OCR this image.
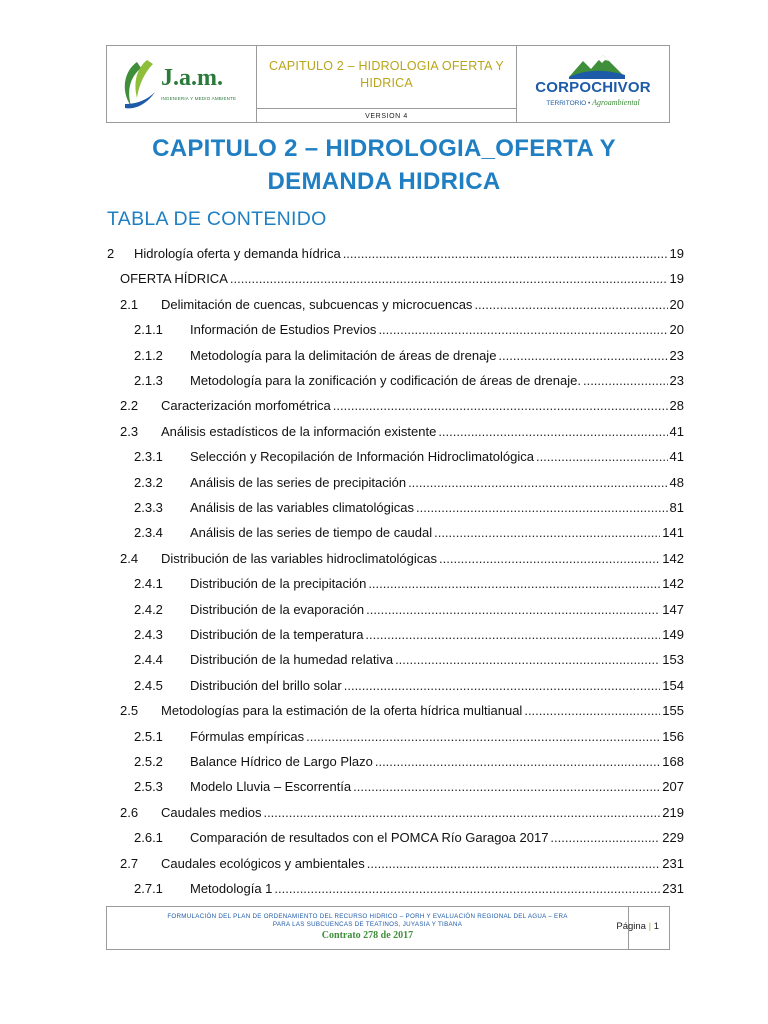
J.a.m.
INGENIERIA Y MEDIO AMBIENTE
CAPITULO 2 – HIDROLOGIA OFERTA Y
HIDRICA
VERSION 4
CORPOCHIVOR
TERRITORIO • Agroambiental
CAPITULO 2 – HIDROLOGIA_OFERTA Y
DEMANDA HIDRICA
TABLA DE CONTENIDO
2	Hidrología oferta y demanda hídrica .....	19
OFERTA HÍDRICA .....	19
2.1	Delimitación de cuencas, subcuencas y microcuencas .....	20
2.1.1	Información de Estudios Previos .....	20
2.1.2	Metodología para la delimitación de áreas de drenaje .....	23
2.1.3	Metodología para la zonificación y codificación de áreas de drenaje. .....	23
2.2	Caracterización morfométrica .....	28
2.3	Análisis estadísticos de la información existente .....	41
2.3.1	Selección y Recopilación de Información Hidroclimatológica .....	41
2.3.2	Análisis de las series de precipitación .....	48
2.3.3	Análisis de las variables climatológicas .....	81
2.3.4	Análisis de las series de tiempo de caudal .....	141
2.4	Distribución de las variables hidroclimatológicas .....	142
2.4.1	Distribución de la precipitación .....	142
2.4.2	Distribución de la evaporación .....	147
2.4.3	Distribución de la temperatura .....	149
2.4.4	Distribución de la humedad relativa .....	153
2.4.5	Distribución del brillo solar .....	154
2.5	Metodologías para la estimación de la oferta hídrica multianual .....	155
2.5.1	Fórmulas empíricas .....	156
2.5.2	Balance Hídrico de Largo Plazo .....	168
2.5.3	Modelo Lluvia – Escorrentía .....	207
2.6	Caudales medios .....	219
2.6.1	Comparación de resultados con el POMCA Río Garagoa 2017 .....	229
2.7	Caudales ecológicos y ambientales .....	231
2.7.1	Metodología 1 .....	231
FORMULACIÓN DEL PLAN DE ORDENAMIENTO DEL RECURSO HIDRICO – PORH Y EVALUACIÓN REGIONAL DEL AGUA – ERA
PARA LAS SUBCUENCAS DE TEATINOS, JUYASIA Y TIBANA
Contrato 278 de 2017
Página | 1
